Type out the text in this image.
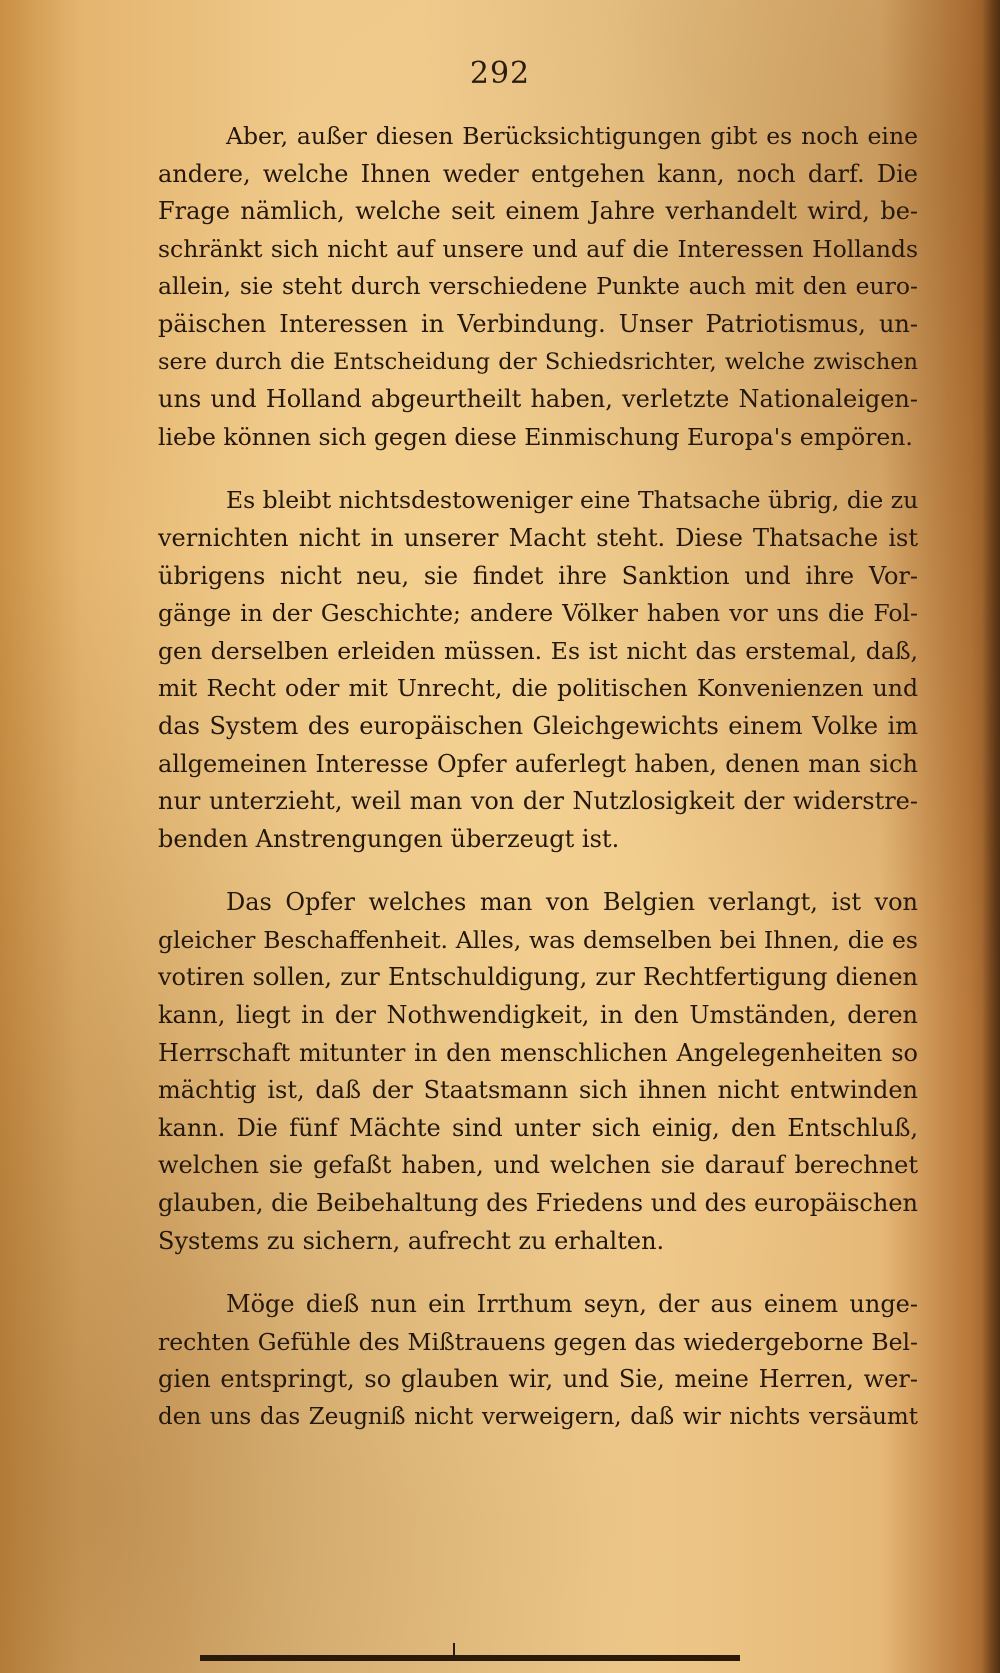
292
Aber, außer diesen Berücksichtigungen gibt es noch eine
andere, welche Ihnen weder entgehen kann, noch darf. Die
Frage nämlich, welche seit einem Jahre verhandelt wird, be-
schränkt sich nicht auf unsere und auf die Interessen Hollands
allein, sie steht durch verschiedene Punkte auch mit den euro-
päischen Interessen in Verbindung. Unser Patriotismus, un-
sere durch die Entscheidung der Schiedsrichter, welche zwischen
uns und Holland abgeurtheilt haben, verletzte Nationaleigen-
liebe können sich gegen diese Einmischung Europa's empören.
Es bleibt nichtsdestoweniger eine Thatsache übrig, die zu
vernichten nicht in unserer Macht steht. Diese Thatsache ist
übrigens nicht neu, sie findet ihre Sanktion und ihre Vor-
gänge in der Geschichte; andere Völker haben vor uns die Fol-
gen derselben erleiden müssen. Es ist nicht das erstemal, daß,
mit Recht oder mit Unrecht, die politischen Konvenienzen und
das System des europäischen Gleichgewichts einem Volke im
allgemeinen Interesse Opfer auferlegt haben, denen man sich
nur unterzieht, weil man von der Nutzlosigkeit der widerstre-
benden Anstrengungen überzeugt ist.
Das Opfer welches man von Belgien verlangt, ist von
gleicher Beschaffenheit. Alles, was demselben bei Ihnen, die es
votiren sollen, zur Entschuldigung, zur Rechtfertigung dienen
kann, liegt in der Nothwendigkeit, in den Umständen, deren
Herrschaft mitunter in den menschlichen Angelegenheiten so
mächtig ist, daß der Staatsmann sich ihnen nicht entwinden
kann. Die fünf Mächte sind unter sich einig, den Entschluß,
welchen sie gefaßt haben, und welchen sie darauf berechnet
glauben, die Beibehaltung des Friedens und des europäischen
Systems zu sichern, aufrecht zu erhalten.
Möge dieß nun ein Irrthum seyn, der aus einem unge-
rechten Gefühle des Mißtrauens gegen das wiedergeborne Bel-
gien entspringt, so glauben wir, und Sie, meine Herren, wer-
den uns das Zeugniß nicht verweigern, daß wir nichts versäumt
